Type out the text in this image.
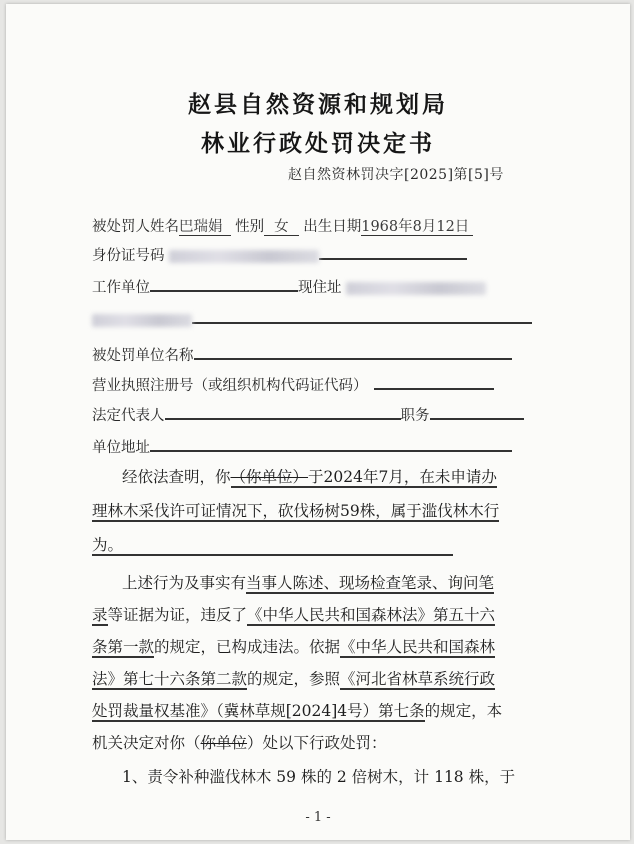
赵县自然资源和规划局
林业行政处罚决定书
赵自然资林罚决字[2025]第[5]号
被处罚人姓名巴瑞娟 性别 女 出生日期1968年8月12日
身份证号码
工作单位	现住址
被处罚单位名称
营业执照注册号（或组织机构代码证代码）
法定代表人	职务
单位地址
经依法查明，你（你单位）于2024年7月，在未申请办
理林木采伐许可证情况下，砍伐杨树59株，属于滥伐林木行
为。
上述行为及事实有当事人陈述、现场检查笔录、询问笔
录等证据为证，违反了《中华人民共和国森林法》第五十六
条第一款的规定，已构成违法。依据《中华人民共和国森林
法》第七十六条第二款的规定，参照《河北省林草系统行政
处罚裁量权基准》（冀林草规[2024]4号）第七条的规定，本
机关决定对你（你单位）处以下行政处罚：
1、责令补种滥伐林木 59 株的 2 倍树木，计 118 株，于
- 1 -
